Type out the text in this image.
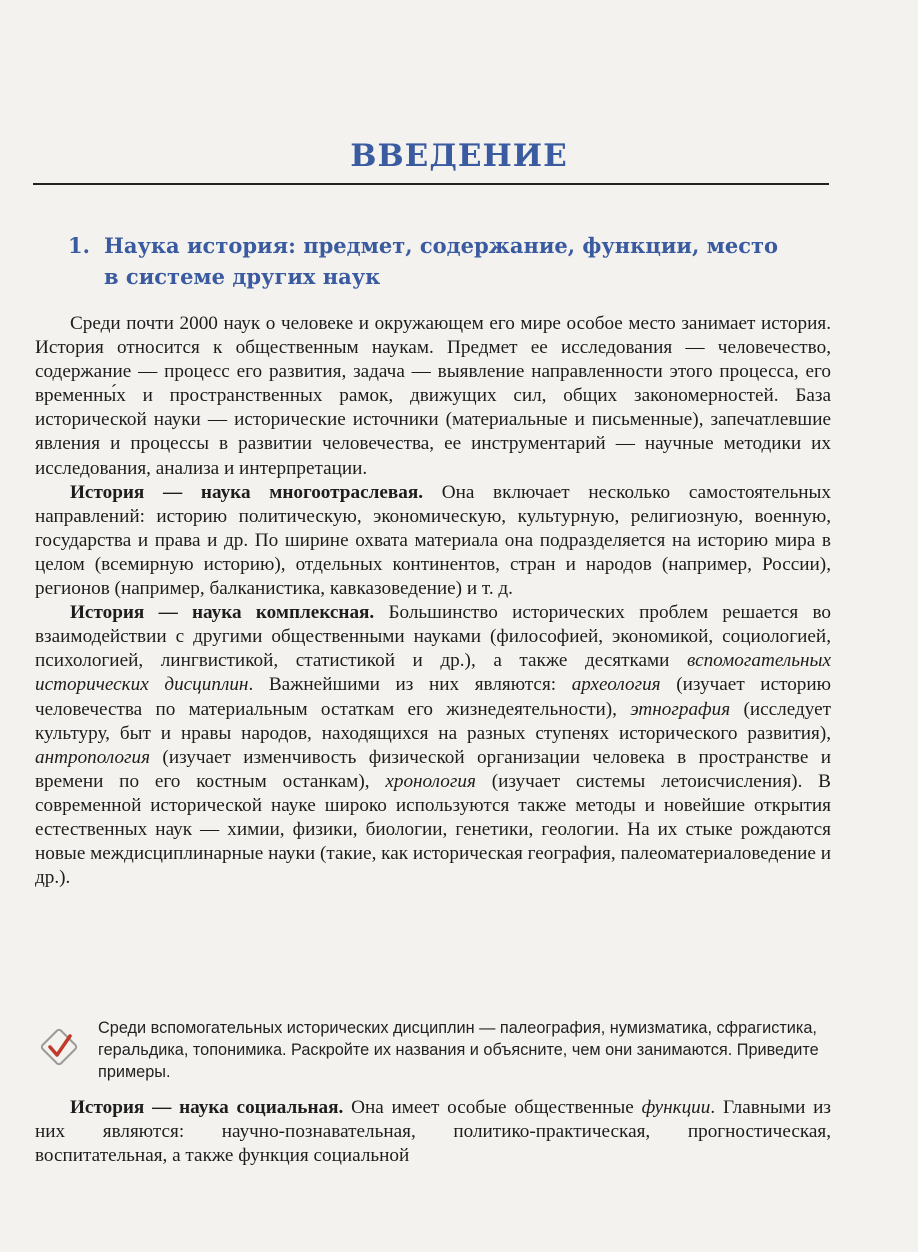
ВВЕДЕНИЕ
1. Наука история: предмет, содержание, функции, место
в системе других наук

Среди почти 2000 наук о человеке и окружающем его мире особое место занимает история. История относится к общественным наукам. Предмет ее исследования — человечество, содержание — процесс его развития, задача — выявление направленности этого процесса, его временны́х и пространственных рамок, движущих сил, общих закономерностей. База исторической науки — исторические источники (материальные и письменные), запечатлевшие явления и процессы в развитии человечества, ее инструментарий — научные методики их исследования, анализа и интерпретации.

История — наука многоотраслевая. Она включает несколько самостоятельных направлений: историю политическую, экономическую, культурную, религиозную, военную, государства и права и др. По ширине охвата материала она подразделяется на историю мира в целом (всемирную историю), отдельных континентов, стран и народов (например, России), регионов (например, балканистика, кавказоведение) и т. д.

История — наука комплексная. Большинство исторических проблем решается во взаимодействии с другими общественными науками (философией, экономикой, социологией, психологией, лингвистикой, статистикой и др.), а также десятками вспомогательных исторических дисциплин. Важнейшими из них являются: археология (изучает историю человечества по материальным остаткам его жизнедеятельности), этнография (исследует культуру, быт и нравы народов, находящихся на разных ступенях исторического развития), антропология (изучает изменчивость физической организации человека в пространстве и времени по его костным останкам), хронология (изучает системы летоисчисления). В современной исторической науке широко используются также методы и новейшие открытия естественных наук — химии, физики, биологии, генетики, геологии. На их стыке рождаются новые междисциплинарные науки (такие, как историческая география, палеоматериаловедение и др.).

Среди вспомогательных исторических дисциплин — палеография, нумизматика, сфрагистика, геральдика, топонимика. Раскройте их названия и объясните, чем они занимаются. Приведите примеры.

История — наука социальная. Она имеет особые общественные функции. Главными из них являются: научно-познавательная, политико-практическая, прогностическая, воспитательная, а также функция социальной
